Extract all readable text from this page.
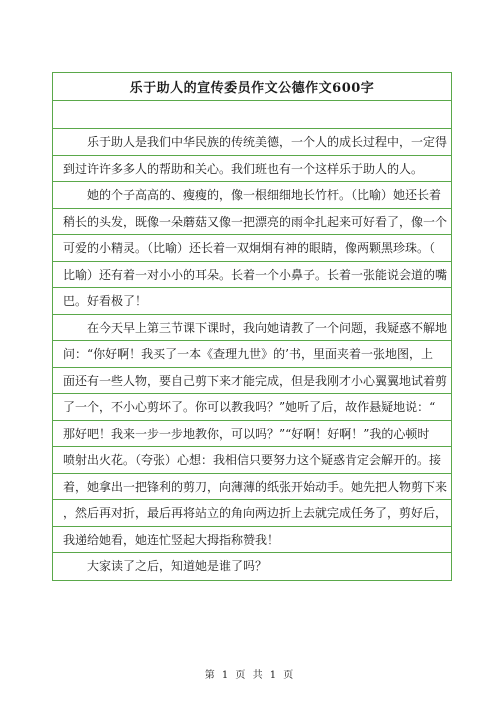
乐于助人的宣传委员作文公德作文600字
乐于助人是我们中华民族的传统美德，一个人的成长过程中，一定得
到过许许多多人的帮助和关心。我们班也有一个这样乐于助人的人。
她的个子高高的、瘦瘦的，像一根细细地长竹杆。（比喻）她还长着
稍长的头发，既像一朵蘑菇又像一把漂亮的雨伞扎起来可好看了，像一个
可爱的小精灵。（比喻）还长着一双炯炯有神的眼睛，像两颗黑珍珠。（
比喻）还有着一对小小的耳朵。长着一个小鼻子。长着一张能说会道的嘴
巴。好看极了！
在今天早上第三节课下课时，我向她请教了一个问题，我疑惑不解地
问：“你好啊！我买了一本《查理九世》的’书，里面夹着一张地图，上
面还有一些人物，要自己剪下来才能完成，但是我刚才小心翼翼地试着剪
了一个，不小心剪坏了。你可以教我吗？”她听了后，故作悬疑地说：“
那好吧！我来一步一步地教你，可以吗？”“好啊！好啊！”我的心顿时
喷射出火花。（夸张）心想：我相信只要努力这个疑惑肯定会解开的。接
着，她拿出一把锋利的剪刀，向薄薄的纸张开始动手。她先把人物剪下来
，然后再对折，最后再将站立的角向两边折上去就完成任务了，剪好后，
我递给她看，她连忙竖起大拇指称赞我！
大家读了之后，知道她是谁了吗？
第 1 页 共 1 页
